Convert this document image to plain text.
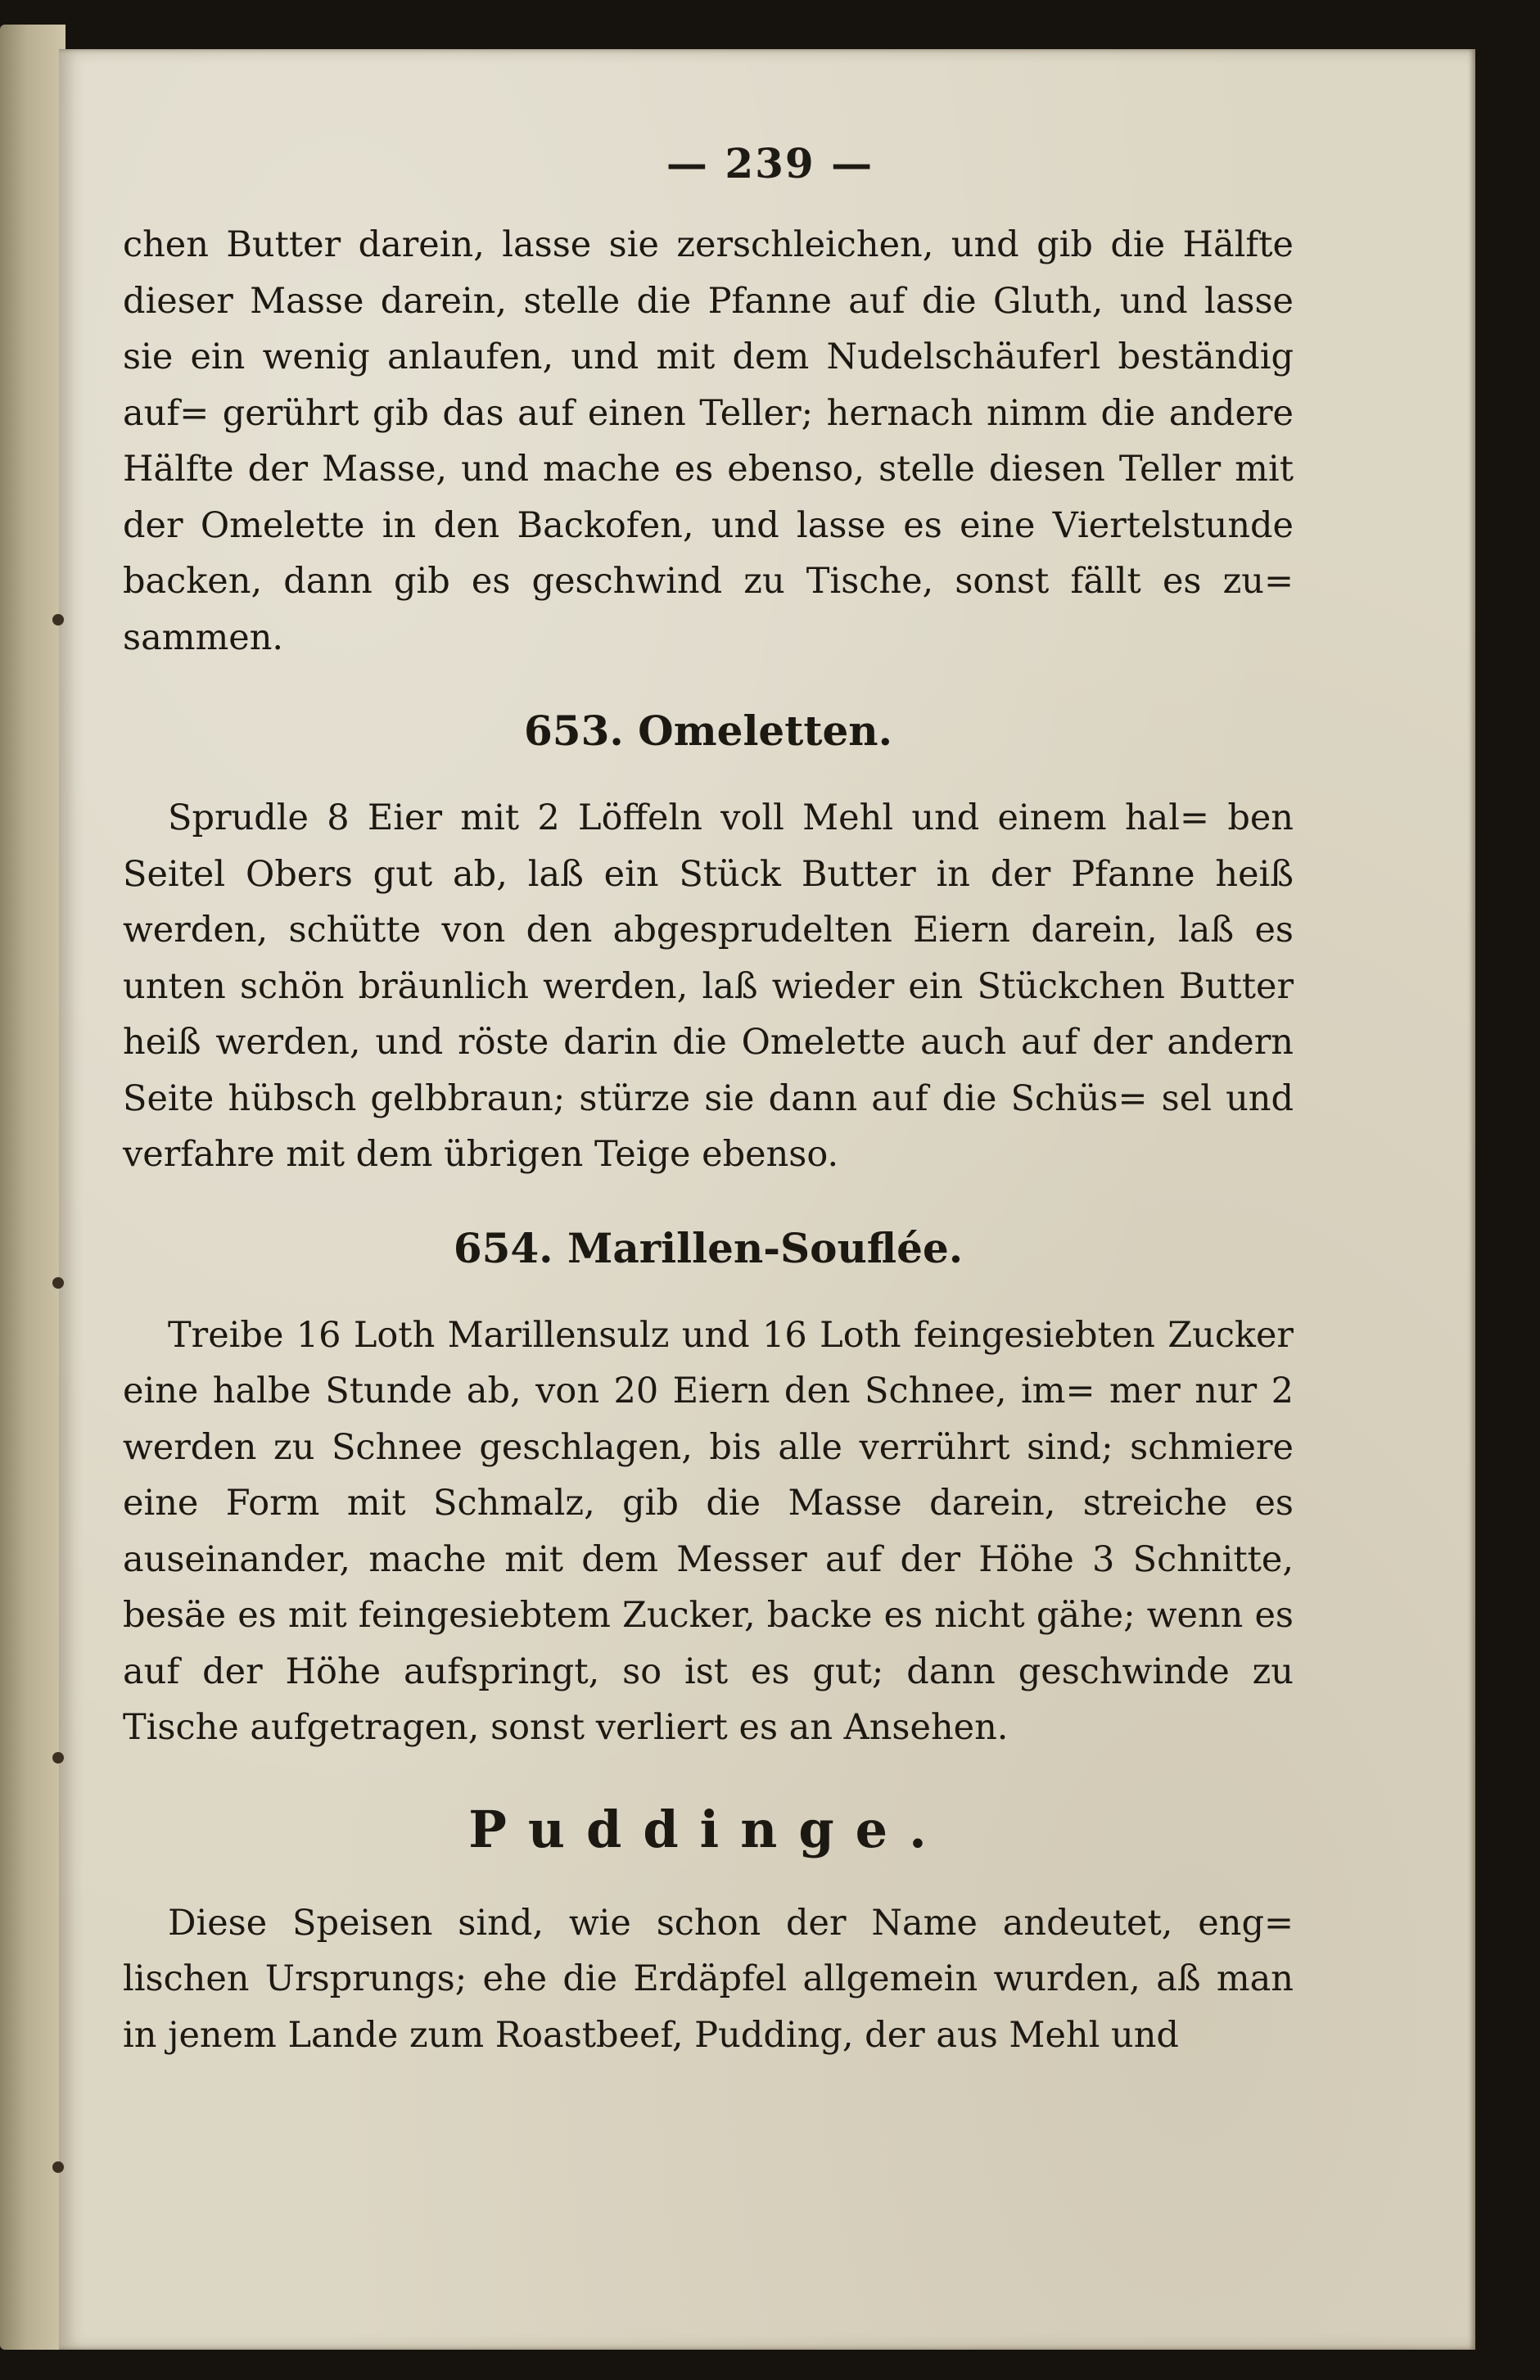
— 239 —

chen Butter darein, lasse sie zerschleichen, und gib die Hälfte dieser Masse darein, stelle die Pfanne auf die Gluth, und lasse sie ein wenig anlaufen, und mit dem Nudelschäuferl beständig auf= gerührt gib das auf einen Teller; hernach nimm die andere Hälfte der Masse, und mache es ebenso, stelle diesen Teller mit der Omelette in den Backofen, und lasse es eine Viertelstunde backen, dann gib es geschwind zu Tische, sonst fällt es zu= sammen.

653. Omeletten.

Sprudle 8 Eier mit 2 Löffeln voll Mehl und einem hal= ben Seitel Obers gut ab, laß ein Stück Butter in der Pfanne heiß werden, schütte von den abgesprudelten Eiern darein, laß es unten schön bräunlich werden, laß wieder ein Stückchen Butter heiß werden, und röste darin die Omelette auch auf der andern Seite hübsch gelbbraun; stürze sie dann auf die Schüs= sel und verfahre mit dem übrigen Teige ebenso.

654. Marillen-Souflée.

Treibe 16 Loth Marillensulz und 16 Loth feingesiebten Zucker eine halbe Stunde ab, von 20 Eiern den Schnee, im= mer nur 2 werden zu Schnee geschlagen, bis alle verrührt sind; schmiere eine Form mit Schmalz, gib die Masse darein, streiche es auseinander, mache mit dem Messer auf der Höhe 3 Schnitte, besäe es mit feingesiebtem Zucker, backe es nicht gähe; wenn es auf der Höhe aufspringt, so ist es gut; dann geschwinde zu Tische aufgetragen, sonst verliert es an Ansehen.

Puddinge.

Diese Speisen sind, wie schon der Name andeutet, eng= lischen Ursprungs; ehe die Erdäpfel allgemein wurden, aß man in jenem Lande zum Roastbeef, Pudding, der aus Mehl und
